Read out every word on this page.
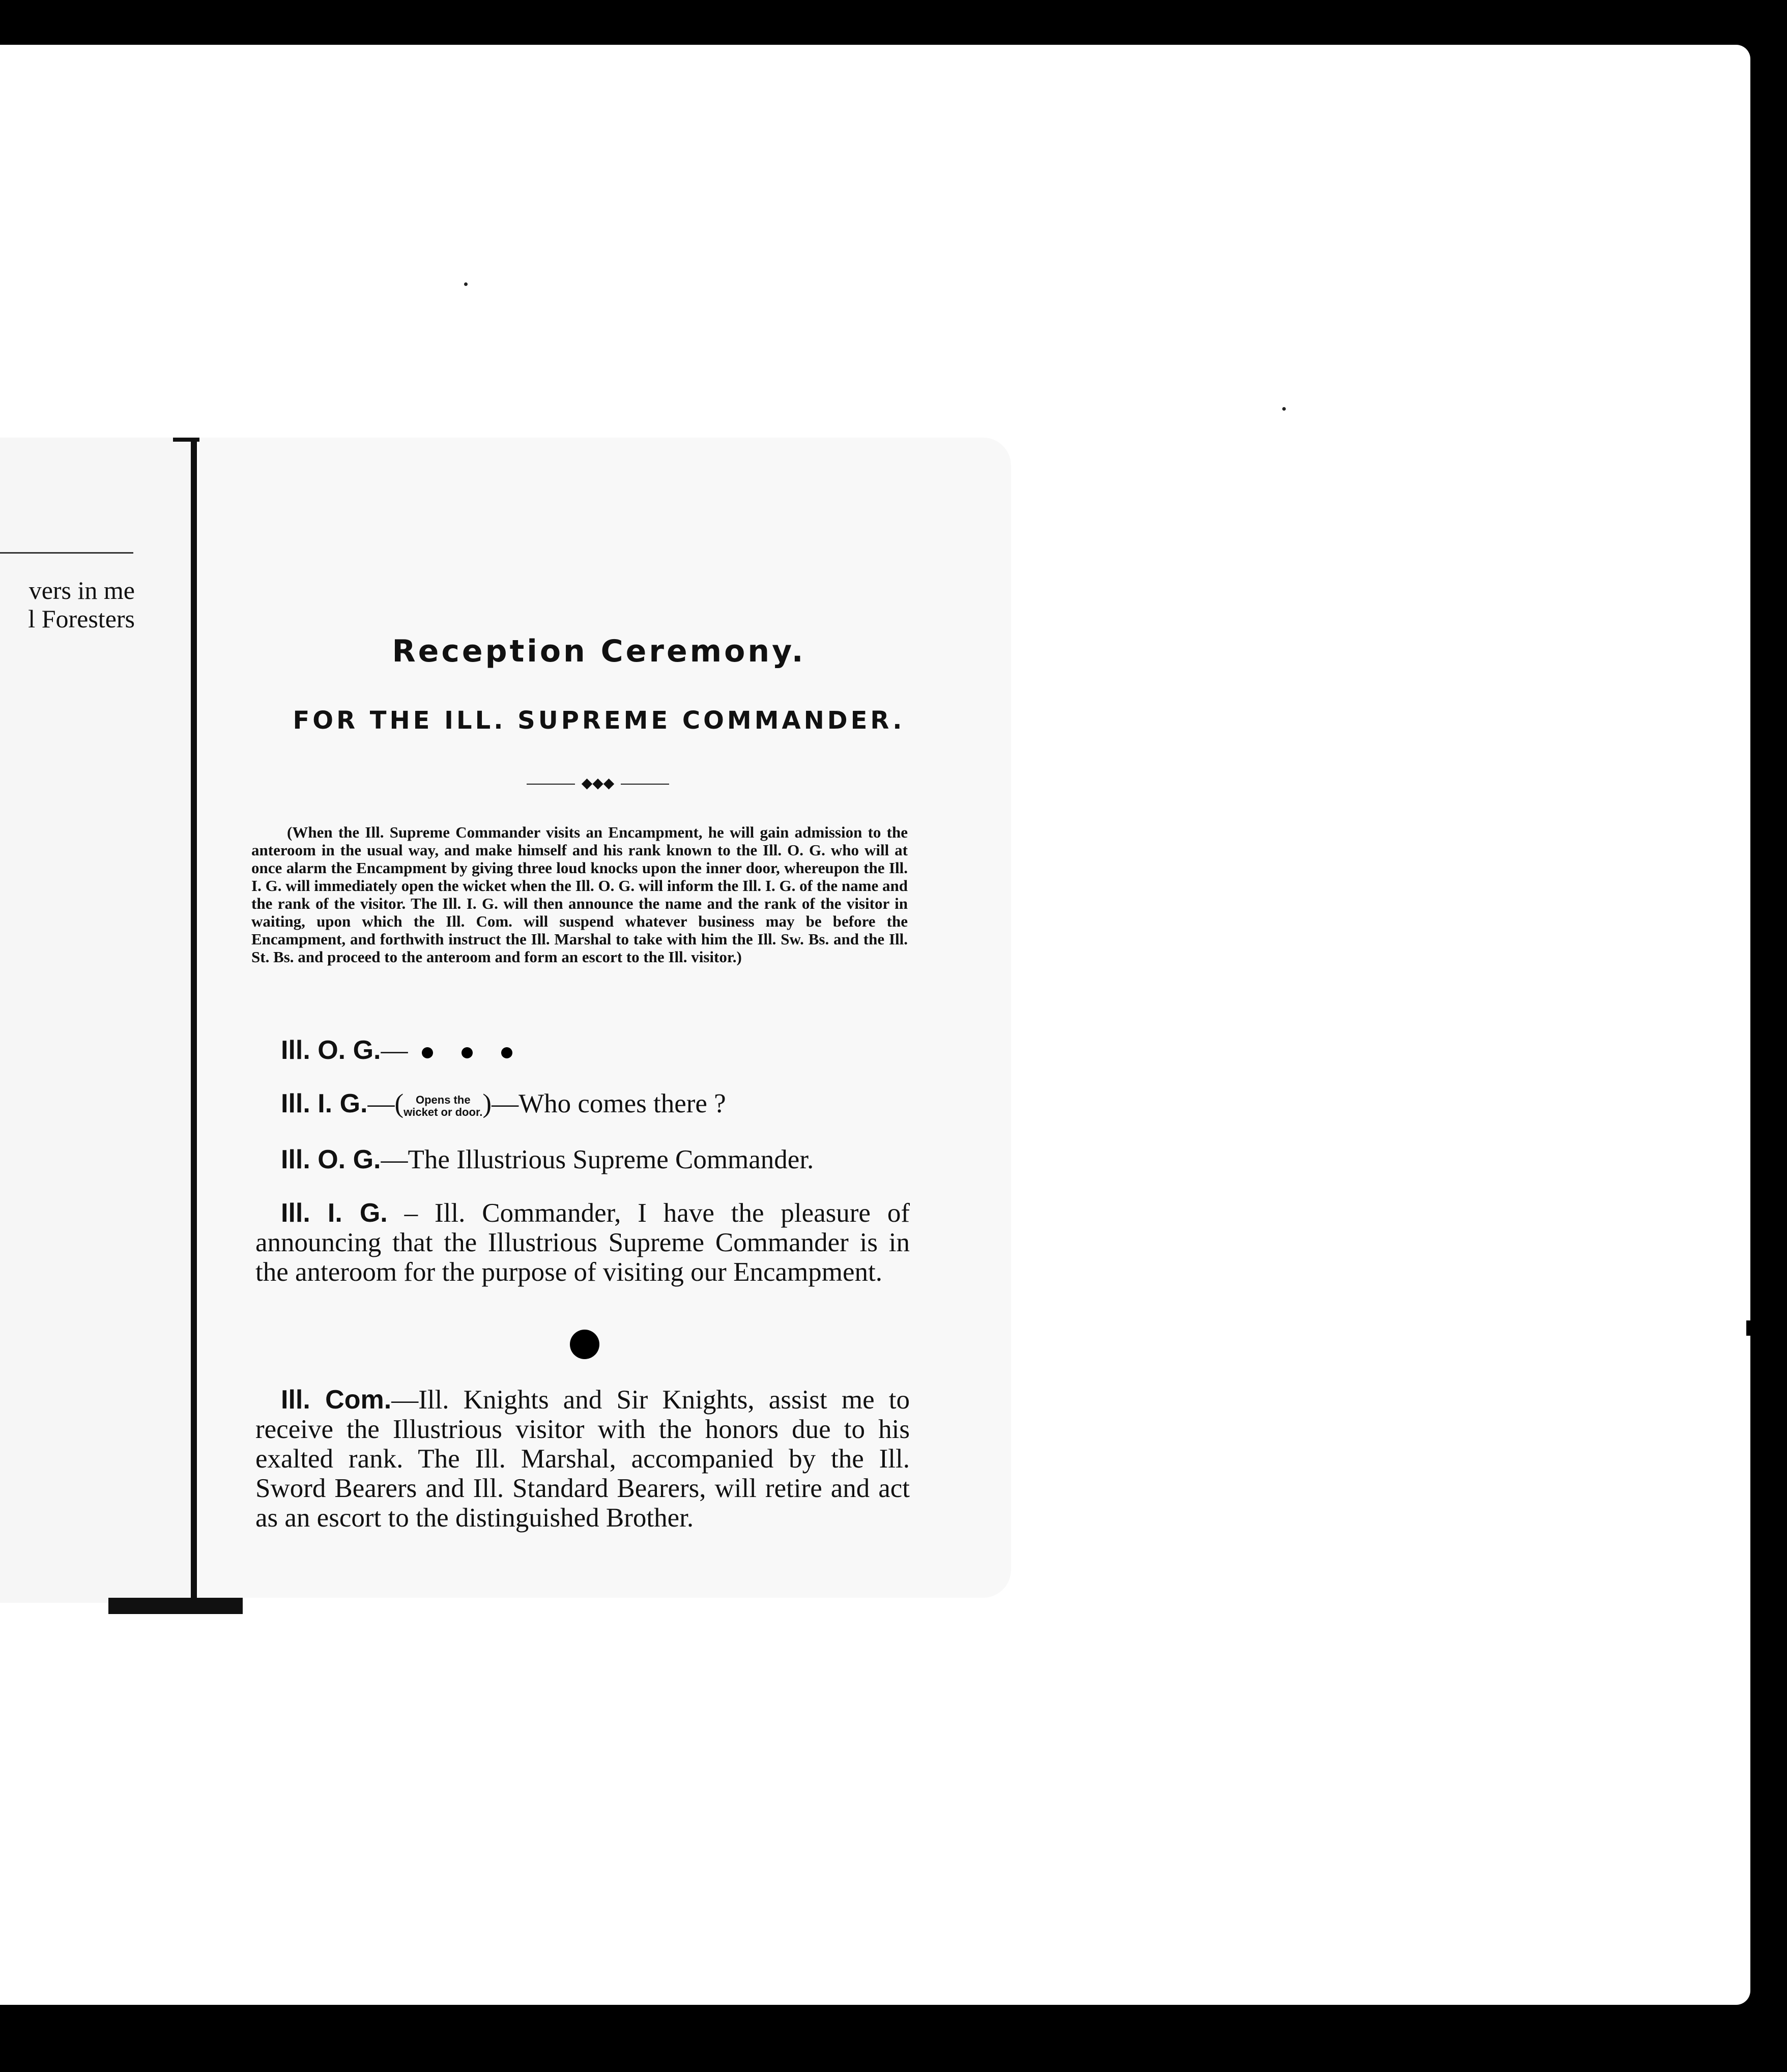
vers in me
l Foresters
Reception Ceremony.
FOR THE ILL. SUPREME COMMANDER.
◆◆◆
(When the Ill. Supreme Commander visits an Encampment, he will gain admission to the anteroom in the usual way, and make himself and his rank known to the Ill. O. G. who will at once alarm the Encampment by giving three loud knocks upon the inner door, whereupon the Ill. I. G. will immediately open the wicket when the Ill. O. G. will inform the Ill. I. G. of the name and the rank of the visitor. The Ill. I. G. will then announce the name and the rank of the visitor in waiting, upon which the Ill. Com. will suspend whatever business may be before the Encampment, and forthwith instruct the Ill. Marshal to take with him the Ill. Sw. Bs. and the Ill. St. Bs. and proceed to the anteroom and form an escort to the Ill. visitor.)
Ill. O. G.—
Ill. I. G.—( Opens the
wicket or door.)—Who comes there ?
Ill. O. G.—The Illustrious Supreme Commander.
Ill. I. G. – Ill. Commander, I have the pleasure of announcing that the Illustrious Supreme Commander is in the anteroom for the purpose of visiting our Encampment.
Ill. Com.—Ill. Knights and Sir Knights, assist me to receive the Illustrious visitor with the honors due to his exalted rank. The Ill. Marshal, accompanied by the Ill. Sword Bearers and Ill. Standard Bearers, will retire and act as an escort to the distinguished Brother.
